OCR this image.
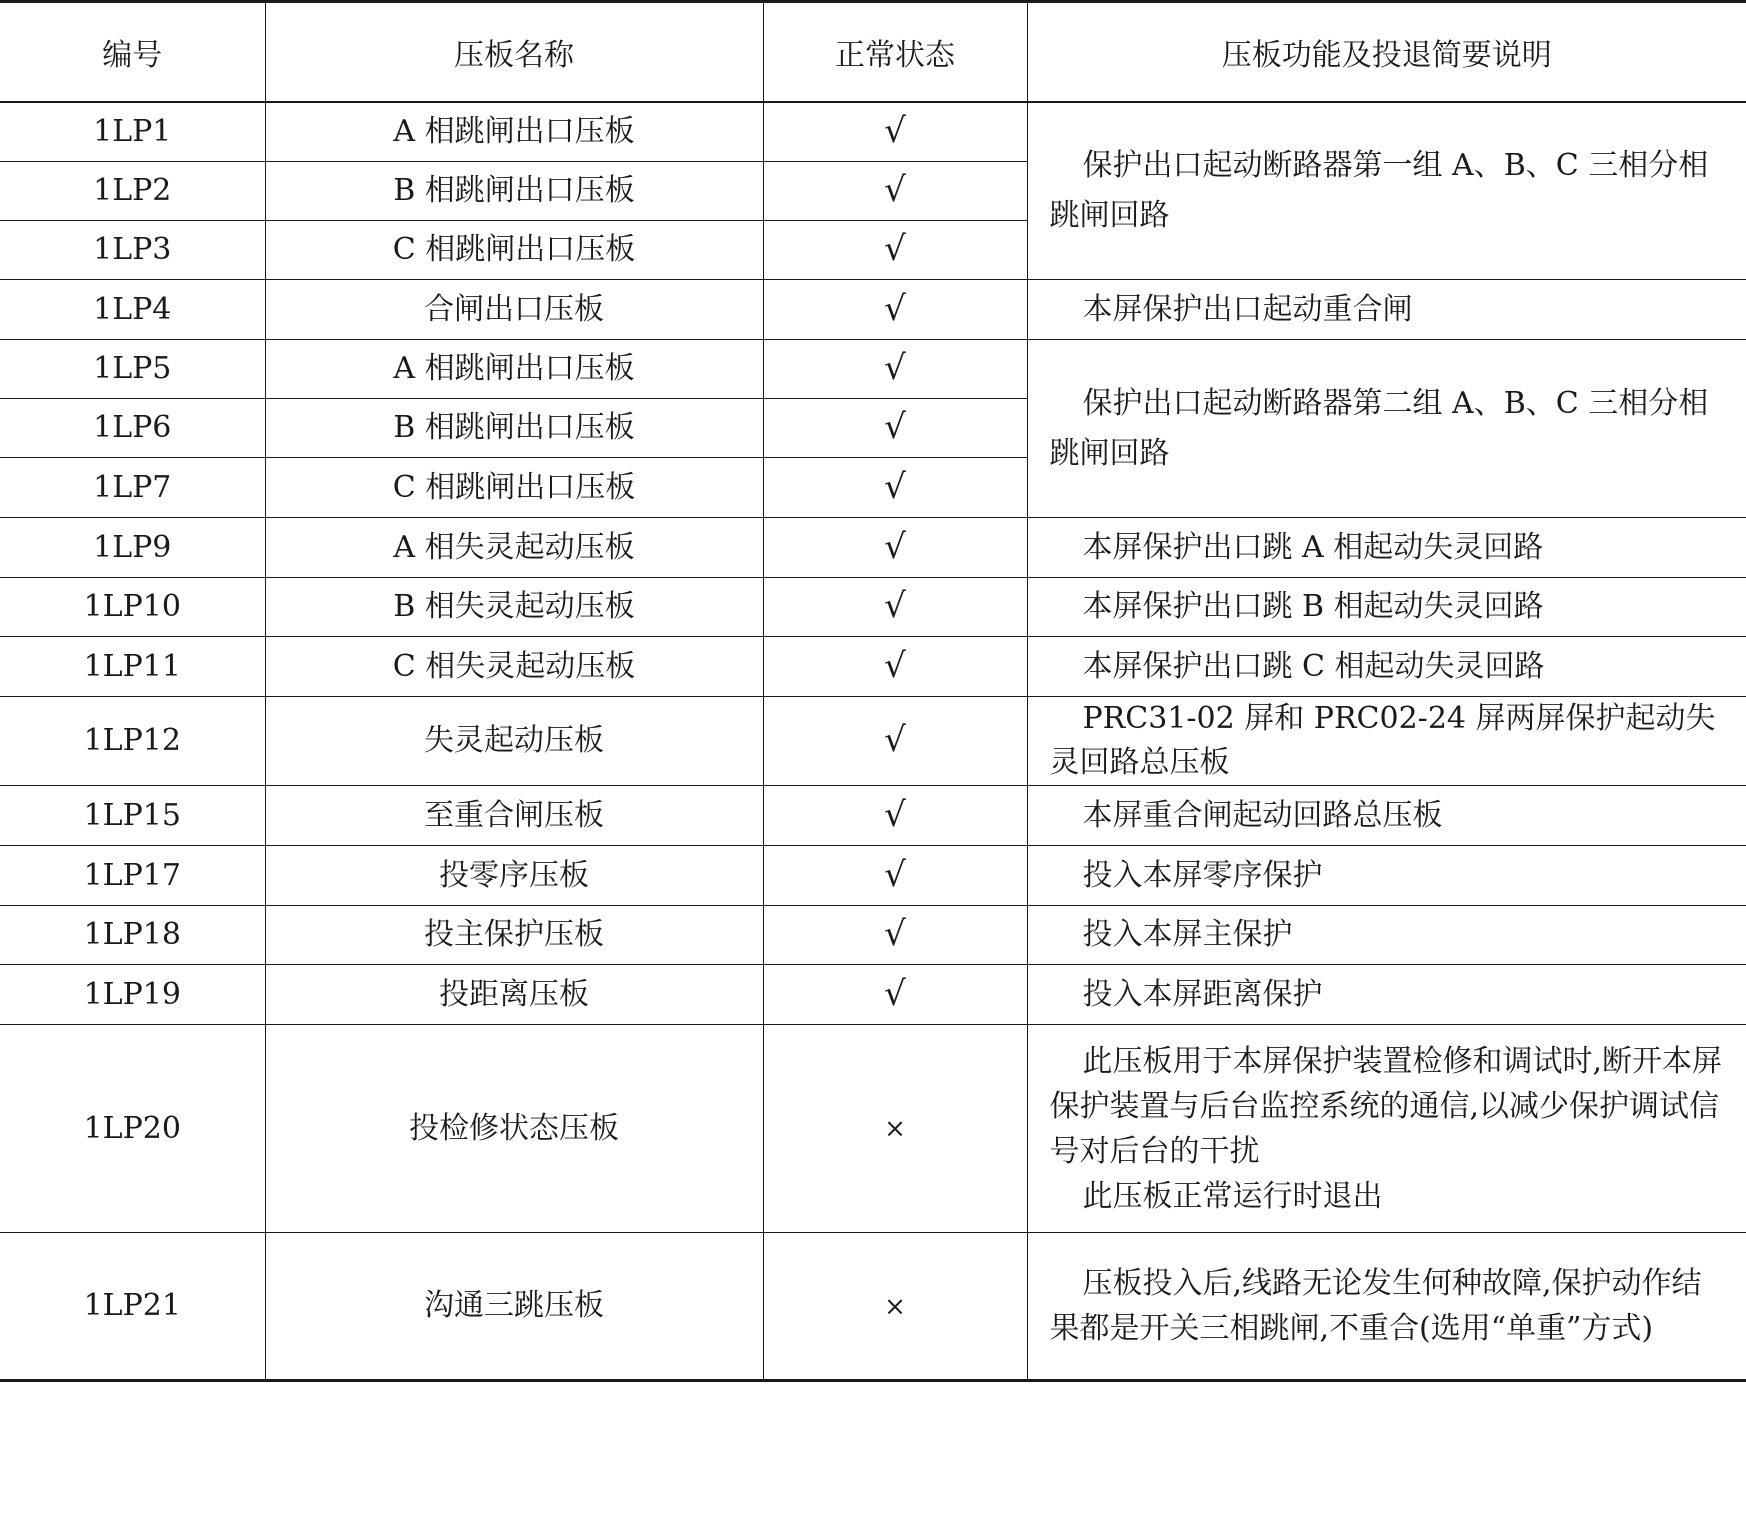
编号	压板名称	正常状态	压板功能及投退简要说明
1LP1	A 相跳闸出口压板	√	保护出口起动断路器第一组 A、B、C 三相分相跳闸回路

1LP2	B 相跳闸出口压板	√	
1LP3	C 相跳闸出口压板	√	
1LP4	合闸出口压板	√	本屏保护出口起动重合闸

1LP5	A 相跳闸出口压板	√	保护出口起动断路器第二组 A、B、C 三相分相跳闸回路

1LP6	B 相跳闸出口压板	√	
1LP7	C 相跳闸出口压板	√	
1LP9	A 相失灵起动压板	√	本屏保护出口跳 A 相起动失灵回路

1LP10	B 相失灵起动压板	√	本屏保护出口跳 B 相起动失灵回路

1LP11	C 相失灵起动压板	√	本屏保护出口跳 C 相起动失灵回路

1LP12	失灵起动压板	√	PRC31-02 屏和 PRC02-24 屏两屏保护起动失灵回路总压板

1LP15	至重合闸压板	√	本屏重合闸起动回路总压板

1LP17	投零序压板	√	投入本屏零序保护

1LP18	投主保护压板	√	投入本屏主保护

1LP19	投距离压板	√	投入本屏距离保护

1LP20	投检修状态压板	×	此压板用于本屏保护装置检修和调试时,断开本屏保护装置与后台监控系统的通信,以减少保护调试信号对后台的干扰
此压板正常运行时退出

1LP21	沟通三跳压板	×	压板投入后,线路无论发生何种故障,保护动作结果都是开关三相跳闸,不重合(选用“单重”方式)
